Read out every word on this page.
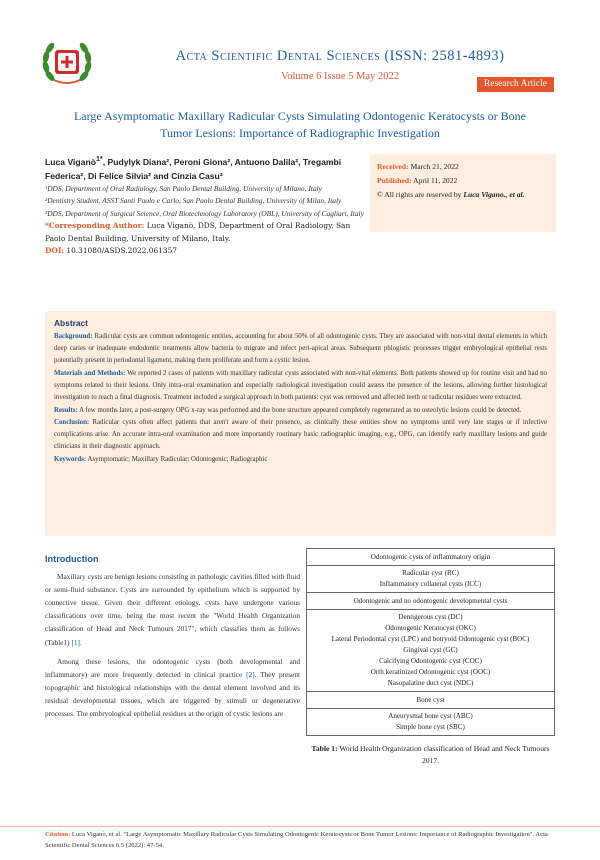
Acta Scientific Dental Sciences (ISSN: 2581-4893)
Volume 6 Issue 5 May 2022
Research Article
Large Asymptomatic Maxillary Radicular Cysts Simulating Odontogenic Keratocysts or Bone Tumor Lesions: Importance of Radiographic Investigation
Luca Viganò$^{1*}$, Pudylyk Diana², Peroni Giona², Antuono Dalila², Tregambi Federica², Di Felice Silvia² and Cinzia Casu³
¹DDS, Department of Oral Radiology, San Paolo Dental Building, University of Milano, Italy
²Dentistry Student, ASST Santi Paolo e Carlo, San Paolo Dental Building, University of Milan, Italy
³DDS, Department of Surgical Science, Oral Biotechnology Laboratory (OBL), University of Cagliari, Italy
*Corresponding Author: Luca Viganò, DDS, Department of Oral Radiology, San Paolo Dental Building, University of Milano, Italy.
DOI: 10.31080/ASDS.2022.061357
Received: March 21, 2022
Published: April 11, 2022
© All rights are reserved by Luca Vigano., et al.
Abstract

Background: Radicular cysts are common odontogenic entities, accounting for about 50% of all odontogenic cysts. They are associated with non-vital dental elements in which deep caries or inadequate endodontic treatments allow bacteria to migrate and infect peri-apical areas. Subsequent phlogistic processes trigger embryological epithelial rests potentially present in periodontal ligament, making them proliferate and form a cystic lesion.

Materials and Methods: We reported 2 cases of patients with maxillary radicular cysts associated with non-vital elements. Both patients showed up for routine visit and had no symptoms related to their lesions. Only intra-oral examination and especially radiological investigation could assess the presence of the lesions, allowing further histological investigation to reach a final diagnosis. Treatment included a surgical approach in both patients: cyst was removed and affected teeth or radicular residues were extracted.

Results: A few months later, a post-surgery OPG x-ray was performed and the bone structure appeared completely regenerated as no osteolytic lesions could be detected.

Conclusion: Radicular cysts often affect patients that aren't aware of their presence, as clinically these entities show no symptoms until very late stages or if infective complications arise. An accurate intra-oral examination and more importantly routinary basic radiographic imaging, e.g., OPG, can identify early maxillary lesions and guide clinicians in their diagnostic approach.

Keywords: Asymptomatic; Maxillary Radicular; Odontogenic; Radiographic

Introduction

Maxillary cysts are benign lesions consisting in pathologic cavities filled with fluid or semi-fluid substance. Cysts are surrounded by epithelium which is supported by connective tissue. Given their different etiology, cysts have undergone various classifications over time, being the most recent the "World Health Organization classification of Head and Neck Tumours 2017", which classifies them as follows (Table1) [1].

Among these lesions, the odontogenic cysts (both developmental and inflammatory) are more frequently detected in clinical practice [2]. They present topographic and histological relationships with the dental element involved and its residual developmental tissues, which are triggered by stimuli or degenerative processes. The embryological epithelial residues at the origin of cystic lesions are

Odontogenic cysts of inflammatory origin

Radicular cyst (RC)
Inflammatory collateral cysts (ICC)

Odontogenic and no odontogenic developmental cysts

Dentigerous cyst (DC)
Odontogenic Keratocyst (OKC)
Lateral Periodontal cyst (LPC) and botryoid Odontogenic cyst (BOC)
Gingival cyst (GC)
Calcifying Odontogenic cyst (COC)
Orth keratinized Odontogenic cyst (OOC)
Nasopalatine duct cyst (NDC)

Bone cyst

Aneurysmal bone cyst (ABC)
Simple bone cyst (SBC)
Table 1: World Health Organization classification of Head and Neck Tumours 2017.
Citation: Luca Viganò, et al. "Large Asymptomatic Maxillary Radicular Cysts Simulating Odontogenic Keratocysts or Bone Tumor Lesions: Importance of Radiographic Investigation". Acta Scientific Dental Sciences 6.5 (2022): 47-54.
